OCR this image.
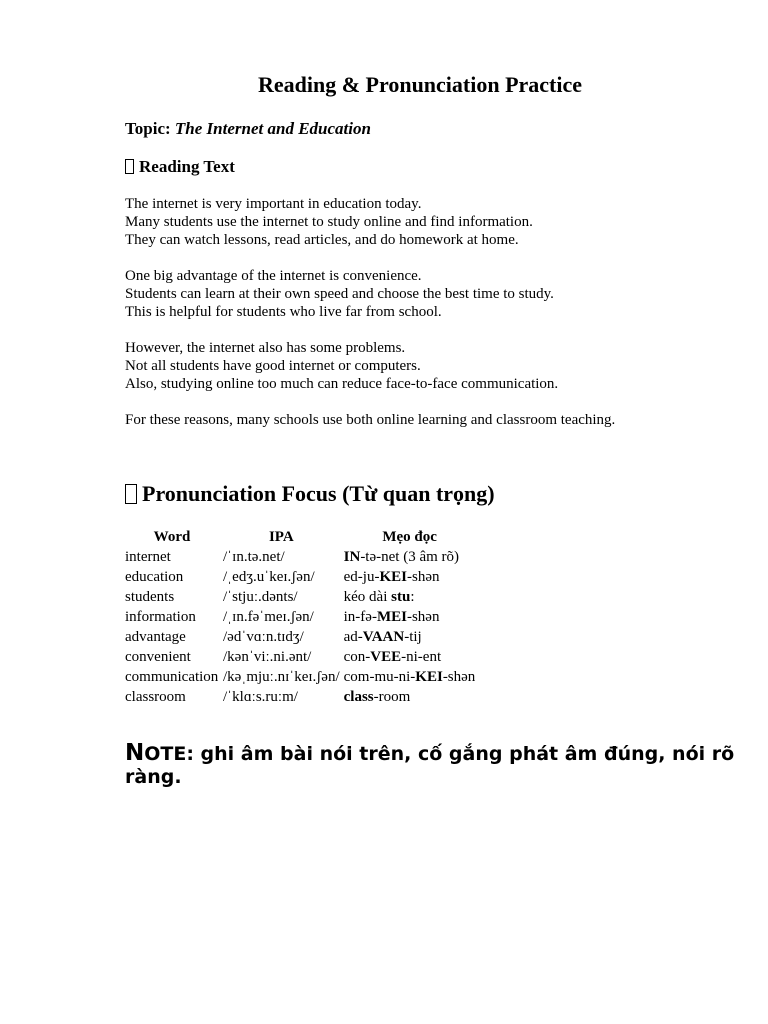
Reading & Pronunciation Practice
Topic: The Internet and Education
Reading Text

The internet is very important in education today.
Many students use the internet to study online and find information.
They can watch lessons, read articles, and do homework at home.

One big advantage of the internet is convenience.
Students can learn at their own speed and choose the best time to study.
This is helpful for students who live far from school.

However, the internet also has some problems.
Not all students have good internet or computers.
Also, studying online too much can reduce face-to-face communication.

For these reasons, many schools use both online learning and classroom teaching.

Pronunciation Focus (Từ quan trọng)
Word	IPA	Mẹo đọc
internet	/ˈɪn.tə.net/	IN-tə-net (3 âm rõ)
education	/ˌedʒ.uˈkeɪ.ʃən/	ed-ju-KEI-shən
students	/ˈstjuː.dənts/	kéo dài stu:
information	/ˌɪn.fəˈmeɪ.ʃən/	in-fə-MEI-shən
advantage	/ədˈvɑːn.tɪdʒ/	ad-VAAN-tij
convenient	/kənˈviː.ni.ənt/	con-VEE-ni-ent
communication	/kəˌmjuː.nɪˈkeɪ.ʃən/	com-mu-ni-KEI-shən
classroom	/ˈklɑːs.ruːm/	class-room
NOTE: ghi âm bài nói trên, cố gắng phát âm đúng, nói rõ ràng.
